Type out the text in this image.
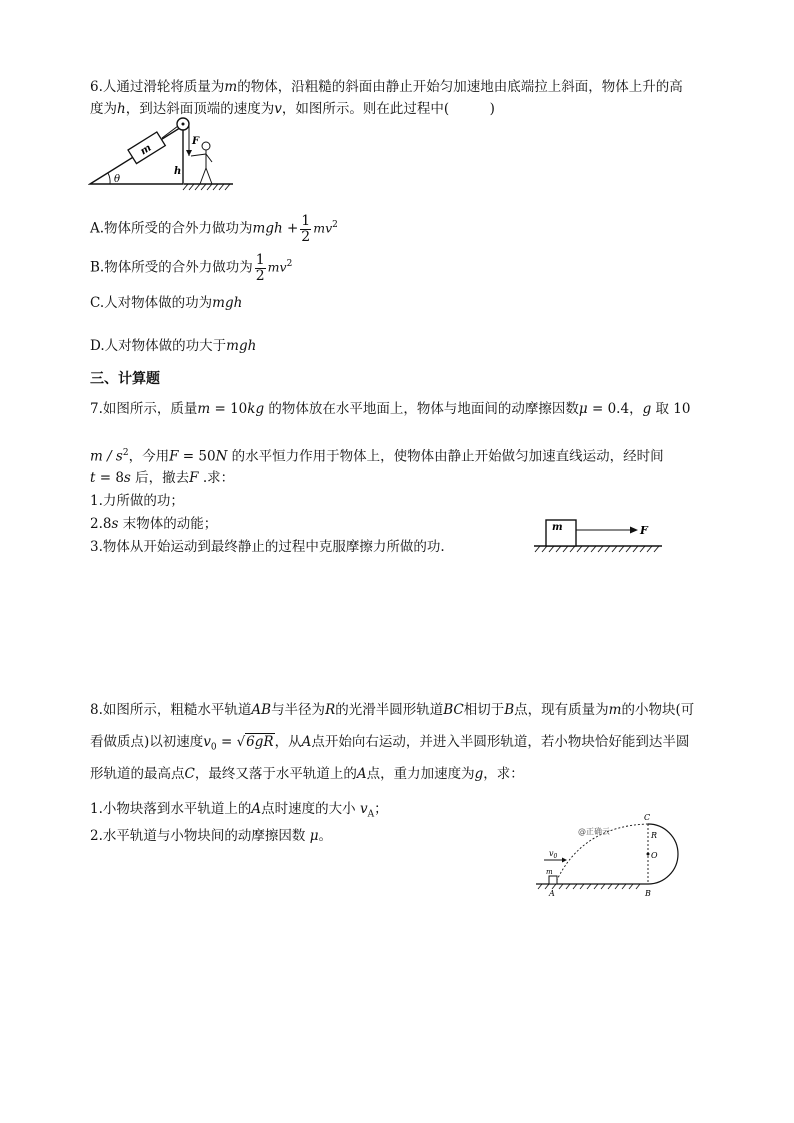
6.人通过滑轮将质量为m的物体，沿粗糙的斜面由静止开始匀加速地由底端拉上斜面，物体上升的高
度为h，到达斜面顶端的速度为v，如图所示。则在此过程中(　　　)
θ
m
F
h
A.物体所受的合外力做功为mgh + $\frac{1}{2} mv^2$
B.物体所受的合外力做功为 $\frac{1}{2} mv^2$
C.人对物体做的功为mgh
D.人对物体做的功大于mgh
三、计算题
7.如图所示，质量m = 10kg 的物体放在水平地面上，物体与地面间的动摩擦因数μ = 0.4，g 取 10
m / $s^2$，今用F = 50N 的水平恒力作用于物体上，使物体由静止开始做匀加速直线运动，经时间
t = 8s 后，撤去F .求：
1.力所做的功；
2.8s 末物体的动能；
3.物体从开始运动到最终静止的过程中克服摩擦力所做的功.
m	F
8.如图所示，粗糙水平轨道AB与半径为R的光滑半圆形轨道BC相切于B点，现有质量为m的小物块(可
看做质点)以初速度$v_0 = √6gR$，从A点开始向右运动，并进入半圆形轨道，若小物块恰好能到达半圆
形轨道的最高点C，最终又落于水平轨道上的A点，重力加速度为g，求：
1.小物块落到水平轨道上的A点时速度的大小 $v_A$；
2.水平轨道与小物块间的动摩擦因数 μ。
$v_0$
C
R
O
B
A
m
@正确云
